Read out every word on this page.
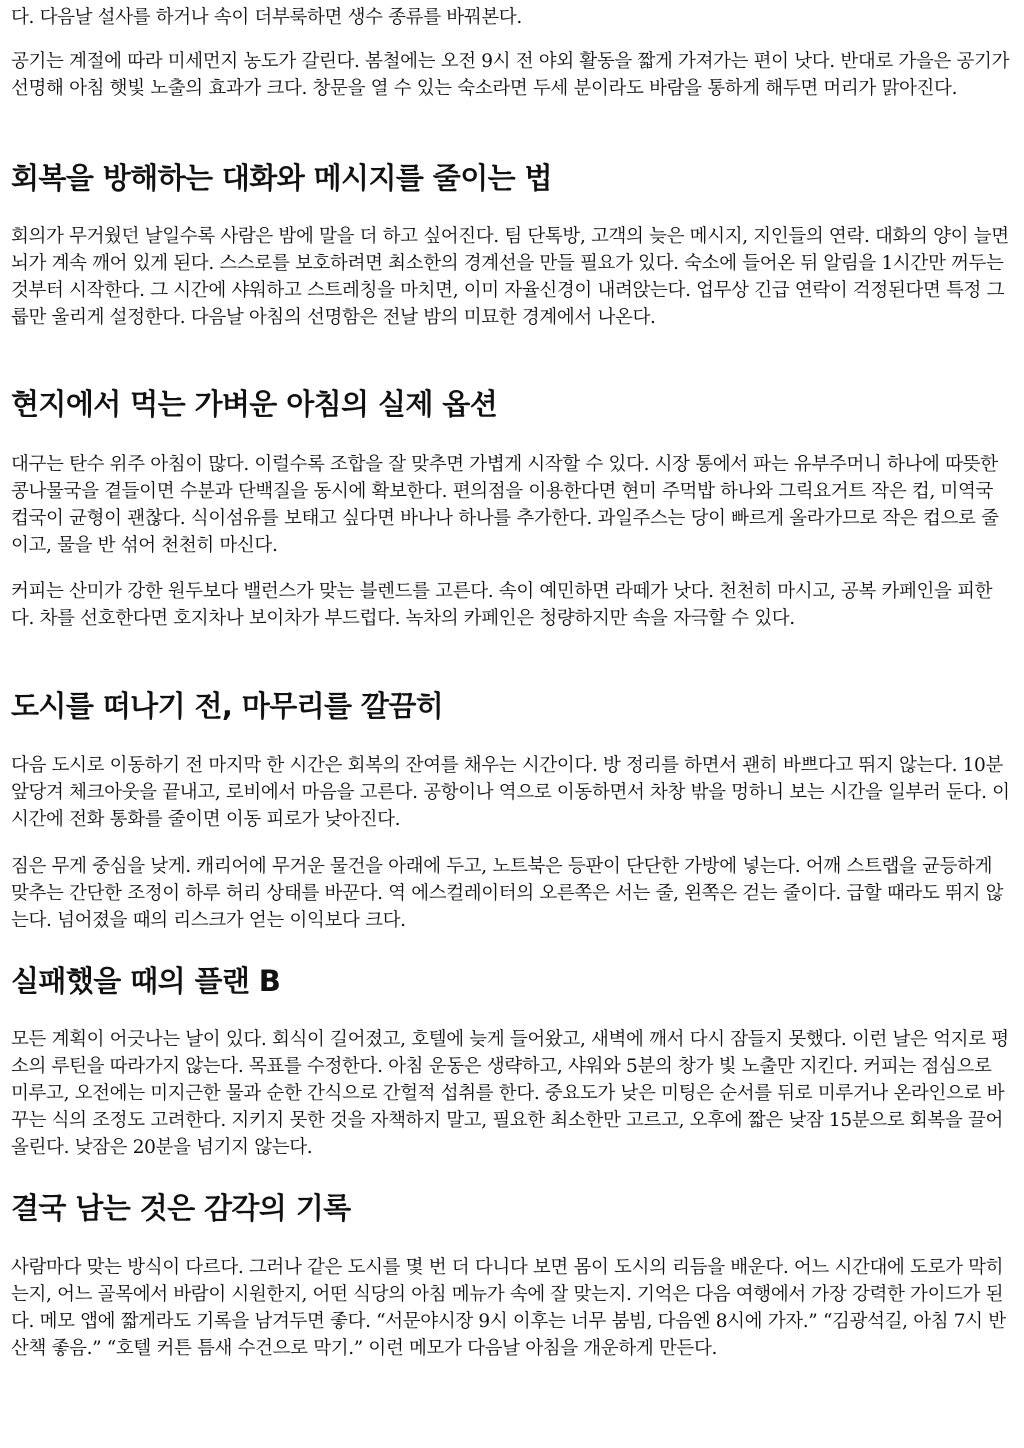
다. 다음날 설사를 하거나 속이 더부룩하면 생수 종류를 바꿔본다.

공기는 계절에 따라 미세먼지 농도가 갈린다. 봄철에는 오전 9시 전 야외 활동을 짧게 가져가는 편이 낫다. 반대로 가을은 공기가 선명해 아침 햇빛 노출의 효과가 크다. 창문을 열 수 있는 숙소라면 두세 분이라도 바람을 통하게 해두면 머리가 맑아진다.

회복을 방해하는 대화와 메시지를 줄이는 법

회의가 무거웠던 날일수록 사람은 밤에 말을 더 하고 싶어진다. 팀 단톡방, 고객의 늦은 메시지, 지인들의 연락. 대화의 양이 늘면 뇌가 계속 깨어 있게 된다. 스스로를 보호하려면 최소한의 경계선을 만들 필요가 있다. 숙소에 들어온 뒤 알림을 1시간만 꺼두는 것부터 시작한다. 그 시간에 샤워하고 스트레칭을 마치면, 이미 자율신경이 내려앉는다. 업무상 긴급 연락이 걱정된다면 특정 그룹만 울리게 설정한다. 다음날 아침의 선명함은 전날 밤의 미묘한 경계에서 나온다.

현지에서 먹는 가벼운 아침의 실제 옵션

대구는 탄수 위주 아침이 많다. 이럴수록 조합을 잘 맞추면 가볍게 시작할 수 있다. 시장 통에서 파는 유부주머니 하나에 따뜻한 콩나물국을 곁들이면 수분과 단백질을 동시에 확보한다. 편의점을 이용한다면 현미 주먹밥 하나와 그릭요거트 작은 컵, 미역국 컵국이 균형이 괜찮다. 식이섬유를 보태고 싶다면 바나나 하나를 추가한다. 과일주스는 당이 빠르게 올라가므로 작은 컵으로 줄이고, 물을 반 섞어 천천히 마신다.

커피는 산미가 강한 원두보다 밸런스가 맞는 블렌드를 고른다. 속이 예민하면 라떼가 낫다. 천천히 마시고, 공복 카페인을 피한다. 차를 선호한다면 호지차나 보이차가 부드럽다. 녹차의 카페인은 청량하지만 속을 자극할 수 있다.

도시를 떠나기 전, 마무리를 깔끔히

다음 도시로 이동하기 전 마지막 한 시간은 회복의 잔여를 채우는 시간이다. 방 정리를 하면서 괜히 바쁘다고 뛰지 않는다. 10분 앞당겨 체크아웃을 끝내고, 로비에서 마음을 고른다. 공항이나 역으로 이동하면서 차창 밖을 멍하니 보는 시간을 일부러 둔다. 이 시간에 전화 통화를 줄이면 이동 피로가 낮아진다.

짐은 무게 중심을 낮게. 캐리어에 무거운 물건을 아래에 두고, 노트북은 등판이 단단한 가방에 넣는다. 어깨 스트랩을 균등하게 맞추는 간단한 조정이 하루 허리 상태를 바꾼다. 역 에스컬레이터의 오른쪽은 서는 줄, 왼쪽은 걷는 줄이다. 급할 때라도 뛰지 않는다. 넘어졌을 때의 리스크가 얻는 이익보다 크다.

실패했을 때의 플랜 B

모든 계획이 어긋나는 날이 있다. 회식이 길어졌고, 호텔에 늦게 들어왔고, 새벽에 깨서 다시 잠들지 못했다. 이런 날은 억지로 평소의 루틴을 따라가지 않는다. 목표를 수정한다. 아침 운동은 생략하고, 샤워와 5분의 창가 빛 노출만 지킨다. 커피는 점심으로 미루고, 오전에는 미지근한 물과 순한 간식으로 간헐적 섭취를 한다. 중요도가 낮은 미팅은 순서를 뒤로 미루거나 온라인으로 바꾸는 식의 조정도 고려한다. 지키지 못한 것을 자책하지 말고, 필요한 최소한만 고르고, 오후에 짧은 낮잠 15분으로 회복을 끌어올린다. 낮잠은 20분을 넘기지 않는다.

결국 남는 것은 감각의 기록

사람마다 맞는 방식이 다르다. 그러나 같은 도시를 몇 번 더 다니다 보면 몸이 도시의 리듬을 배운다. 어느 시간대에 도로가 막히는지, 어느 골목에서 바람이 시원한지, 어떤 식당의 아침 메뉴가 속에 잘 맞는지. 기억은 다음 여행에서 가장 강력한 가이드가 된다. 메모 앱에 짧게라도 기록을 남겨두면 좋다. “서문야시장 9시 이후는 너무 붐빔, 다음엔 8시에 가자.” “김광석길, 아침 7시 반 산책 좋음.” “호텔 커튼 틈새 수건으로 막기.” 이런 메모가 다음날 아침을 개운하게 만든다.
